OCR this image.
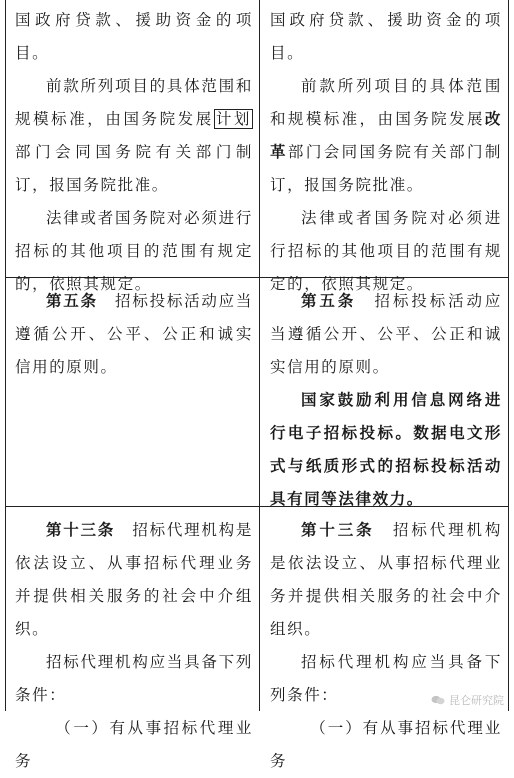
国政府贷款、援助资金的项目。

前款所列项目的具体范围和规模标准，由国务院发展 计划部门会同国务院有关部门制订，报国务院批准。

法律或者国务院对必须进行招标的其他项目的范围有规定的，依照其规定。

国政府贷款、援助资金的项目。

前款所列项目的具体范围和规模标准，由国务院发展改革部门会同国务院有关部门制订，报国务院批准。

法律或者国务院对必须进行招标的其他项目的范围有规定的，依照其规定。

第五条　招标投标活动应当遵循公开、公平、公正和诚实信用的原则。

第五条　招标投标活动应当遵循公开、公平、公正和诚实信用的原则。

国家鼓励利用信息网络进行电子招标投标。数据电文形式与纸质形式的招标投标活动具有同等法律效力。

第十三条　招标代理机构是依法设立、从事招标代理业务并提供相关服务的社会中介组织。

招标代理机构应当具备下列条件：

（一）有从事招标代理业务

第十三条　招标代理机构是依法设立、从事招标代理业务并提供相关服务的社会中介组织。

招标代理机构应当具备下列条件：

（一）有从事招标代理业务

昆仑研究院
